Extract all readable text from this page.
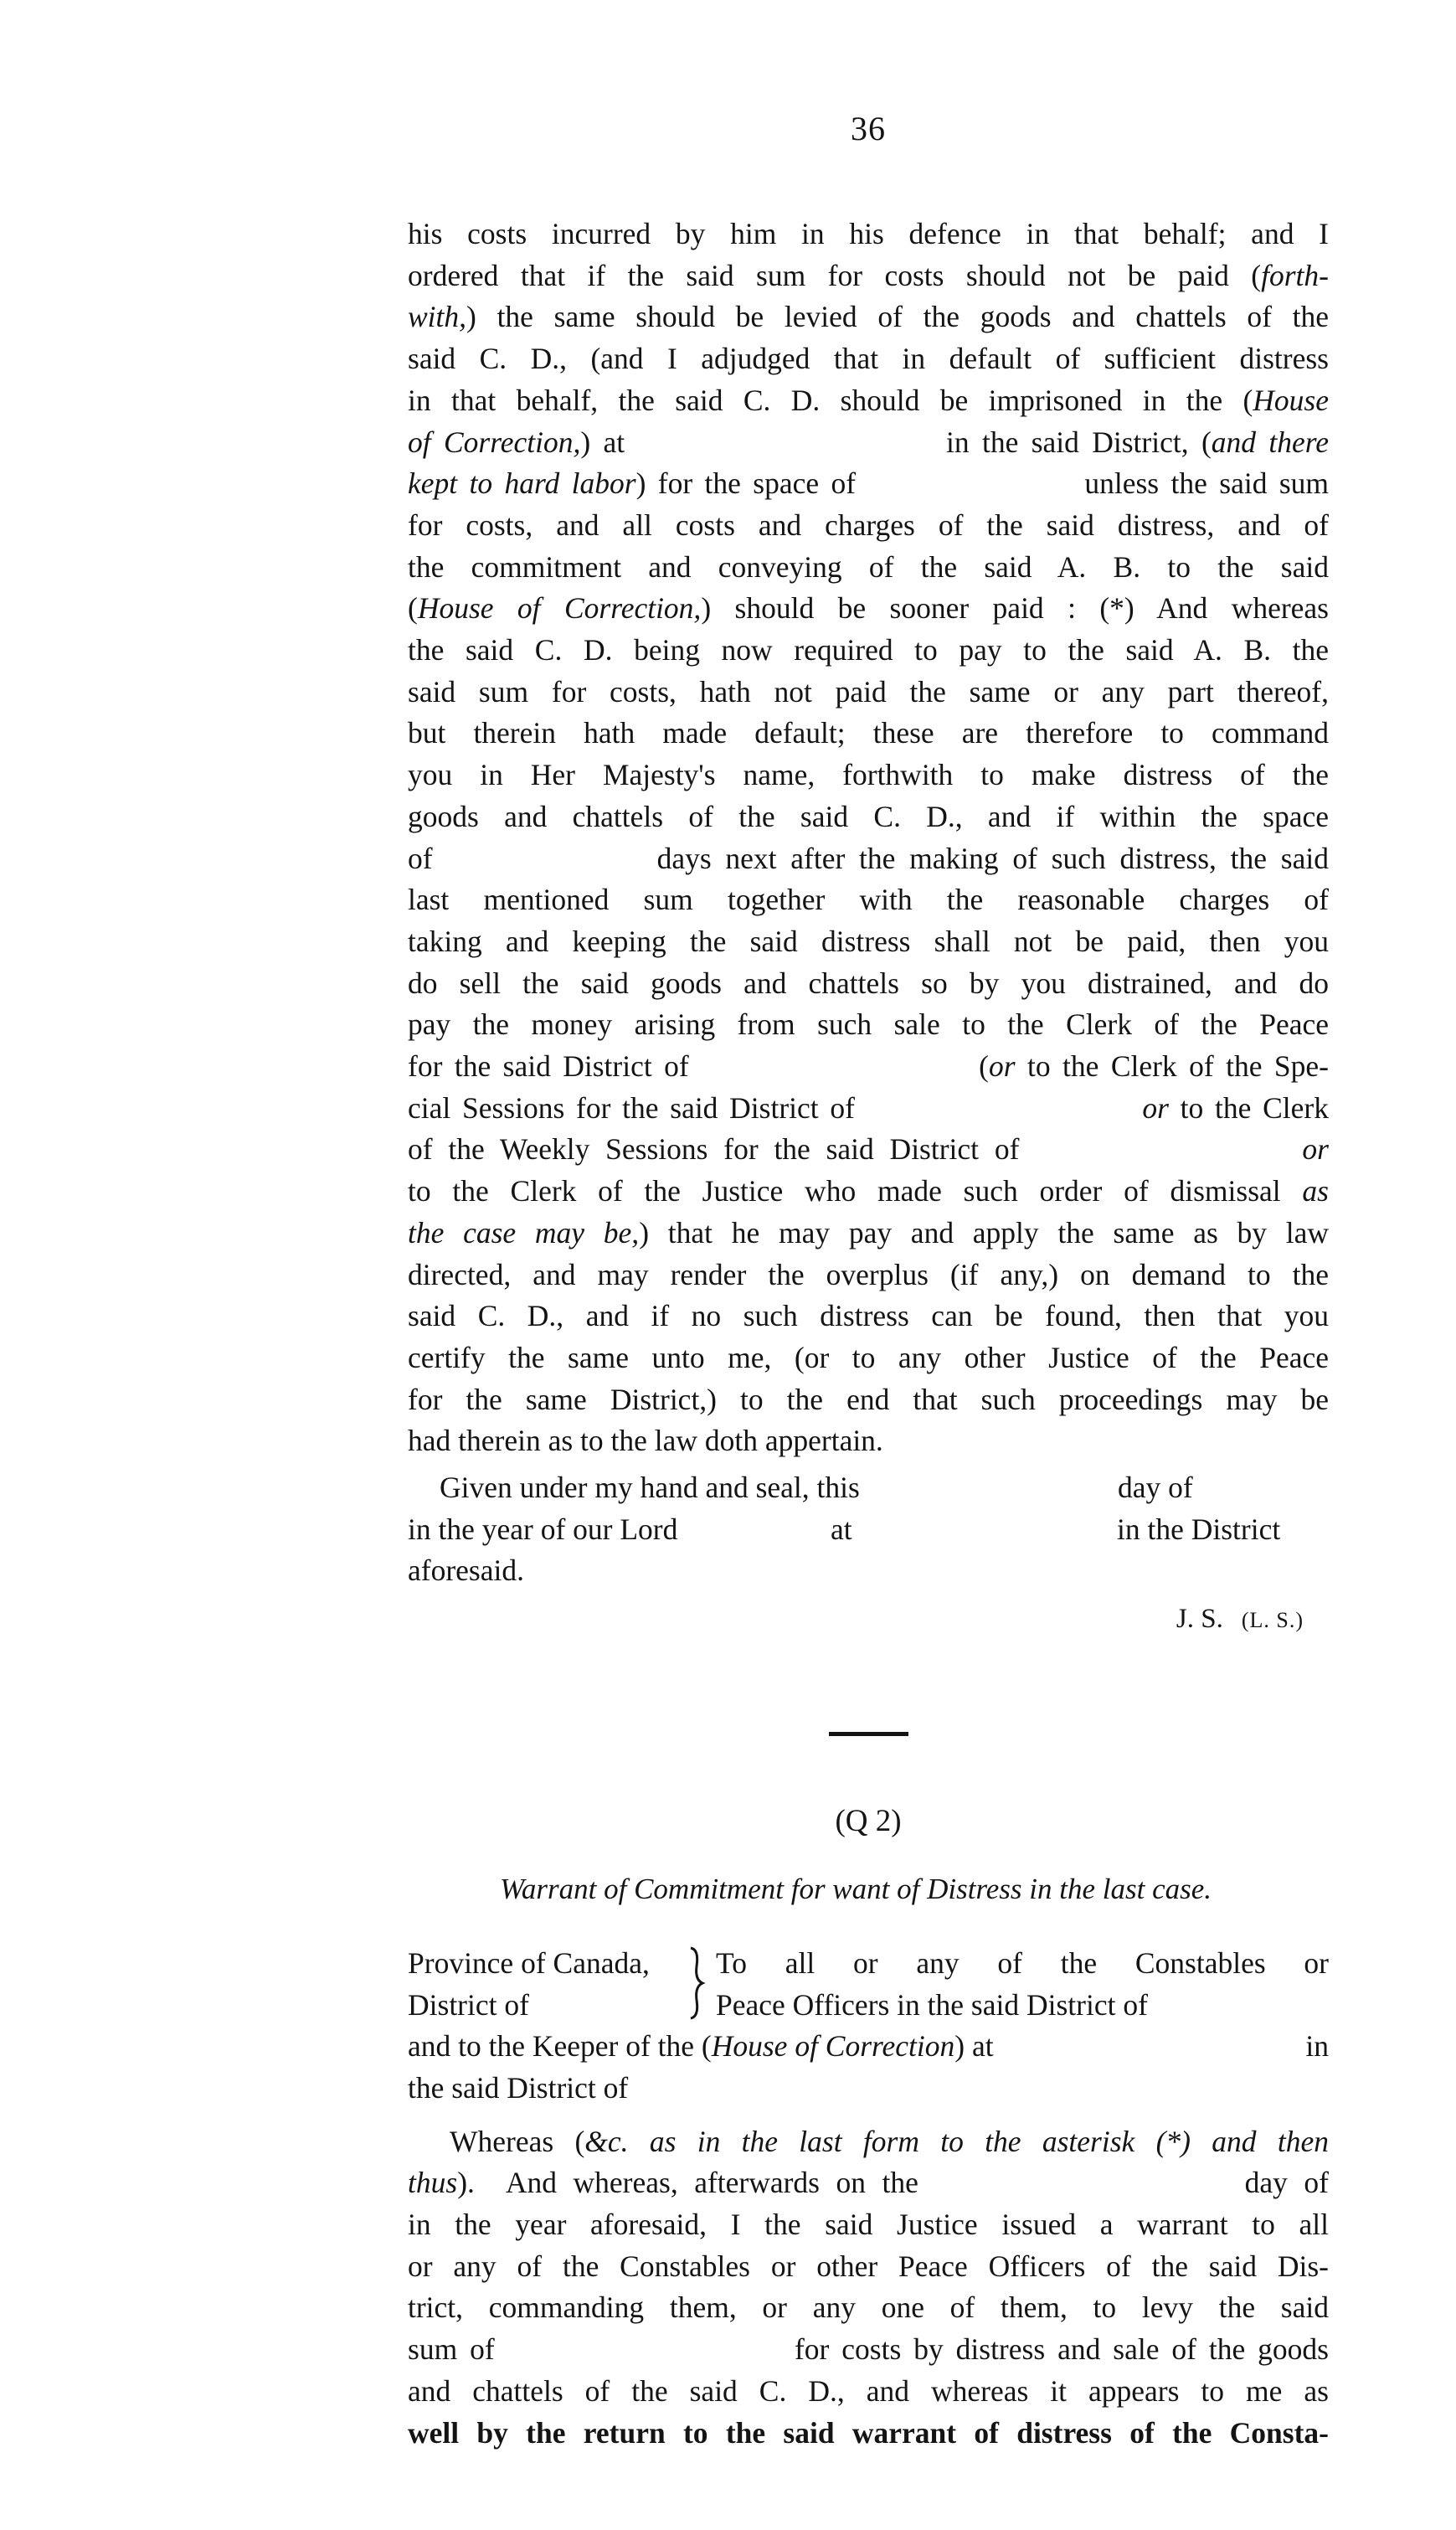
36
his costs incurred by him in his defence in that behalf; and I
ordered that if the said sum for costs should not be paid (forth-
with,) the same should be levied of the goods and chattels of the
said C. D., (and I adjudged that in default of sufficient distress
in that behalf, the said C. D. should be imprisoned in the (House
of Correction,) at                         in the said District, (and there
kept to hard labor) for the space of                   unless the said sum
for costs, and all costs and charges of the said distress, and of
the commitment and conveying of the said A. B. to the said
(House of Correction,) should be sooner paid : (*) And whereas
the said C. D. being now required to pay to the said A. B. the
said sum for costs, hath not paid the same or any part thereof,
but therein hath made default; these are therefore to command
you in Her Majesty's name, forthwith to make distress of the
goods and chattels of the said C. D., and if within the space
of                days next after the making of such distress, the said
last mentioned sum together with the reasonable charges of
taking and keeping the said distress shall not be paid, then you
do sell the said goods and chattels so by you distrained, and do
pay the money arising from such sale to the Clerk of the Peace
for the said District of                        (or to the Clerk of the Spe-
cial Sessions for the said District of                         or to the Clerk
of the Weekly Sessions for the said District of                  or
to the Clerk of the Justice who made such order of dismissal as
the case may be,) that he may pay and apply the same as by law
directed, and may render the overplus (if any,) on demand to the
said C. D., and if no such distress can be found, then that you
certify the same unto me, (or to any other Justice of the Peace
for the same District,) to the end that such proceedings may be
had therein as to the law doth appertain.
Given under my hand and seal, this	day of
in the year of our Lord	at	in the District
aforesaid.
J. S. (L. S.)
(Q 2)
Warrant of Commitment for want of Distress in the last case.
Province of Canada,
District of
To all or any of the Constables or
Peace Officers in the said District of
and to the Keeper of the (House of Correction) at	in
the said District of
Whereas (&c. as in the last form to the asterisk (*) and then
thus).  And whereas, afterwards on the                    day of
in the year aforesaid, I the said Justice issued a warrant to all
or any of the Constables or other Peace Officers of the said Dis-
trict, commanding them, or any one of them, to levy the said
sum of                        for costs by distress and sale of the goods
and chattels of the said C. D., and whereas it appears to me as
well by the return to the said warrant of distress of the Consta-
